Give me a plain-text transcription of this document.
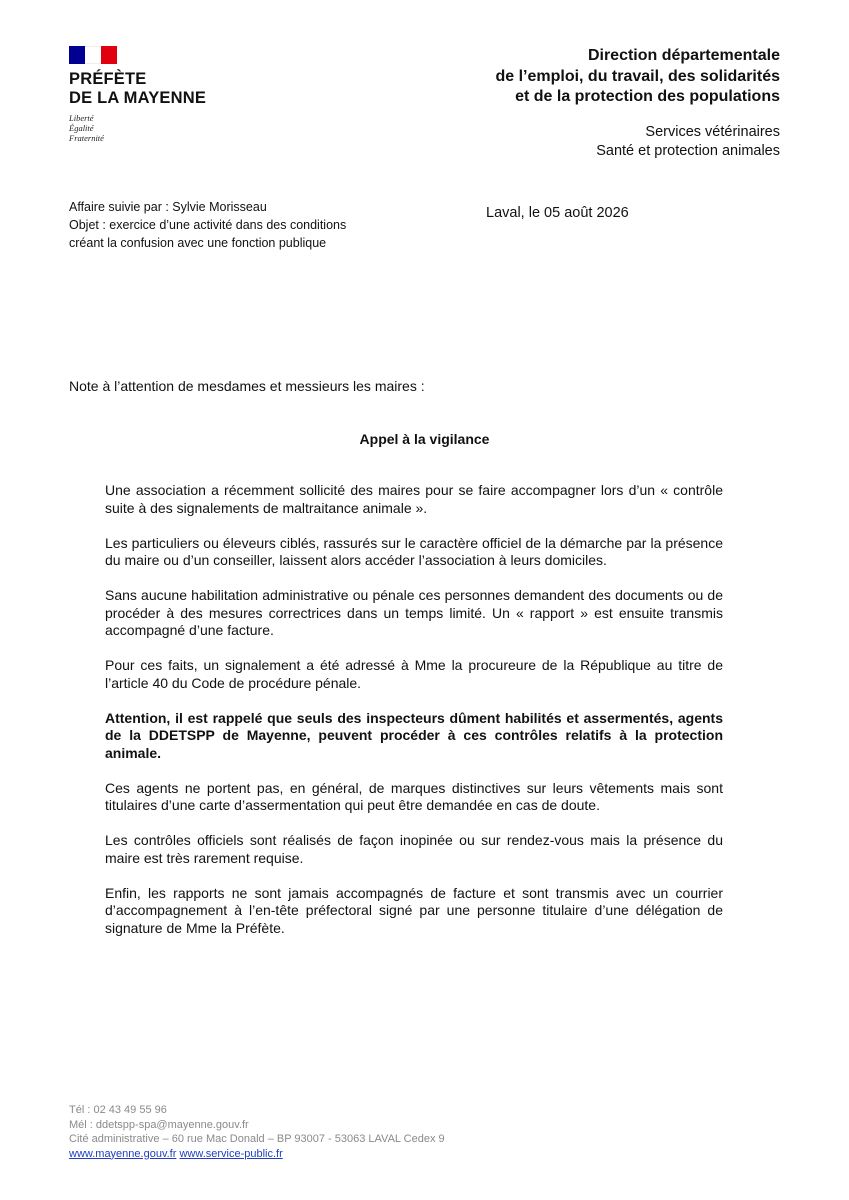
PRÉFÈTE
DE LA MAYENNE
Liberté
Égalité
Fraternité
Direction départementale
de l’emploi, du travail, des solidarités
et de la protection des populations
Services vétérinaires
Santé et protection animales
Affaire suivie par : Sylvie Morisseau
Objet : exercice d’une activité dans des conditions
créant la confusion avec une fonction publique
Laval, le 05 août 2026
Note à l’attention de mesdames et messieurs les maires :
Appel à la vigilance

Une association a récemment sollicité des maires pour se faire accompagner lors d’un « contrôle suite à des signalements de maltraitance animale ».

Les particuliers ou éleveurs ciblés, rassurés sur le caractère officiel de la démarche par la présence du maire ou d’un conseiller, laissent alors accéder l’association à leurs domiciles.

Sans aucune habilitation administrative ou pénale ces personnes demandent des documents ou de procéder à des mesures correctrices dans un temps limité. Un « rapport » est ensuite transmis accompagné d’une facture.

Pour ces faits, un signalement a été adressé à Mme la procureure de la République au titre de l’article 40 du Code de procédure pénale.

Attention, il est rappelé que seuls des inspecteurs dûment habilités et assermentés, agents de la DDETSPP de Mayenne, peuvent procéder à ces contrôles relatifs à la protection animale.

Ces agents ne portent pas, en général, de marques distinctives sur leurs vêtements mais sont titulaires d’une carte d’assermentation qui peut être demandée en cas de doute.

Les contrôles officiels sont réalisés de façon inopinée ou sur rendez-vous mais la présence du maire est très rarement requise.

Enfin, les rapports ne sont jamais accompagnés de facture et sont transmis avec un courrier d’accompagnement à l’en-tête préfectoral signé par une personne titulaire d’une délégation de signature de Mme la Préfète.

Tél : 02 43 49 55 96
Mél : ddetspp-spa@mayenne.gouv.fr
Cité administrative – 60 rue Mac Donald – BP 93007 - 53063 LAVAL Cedex 9
www.mayenne.gouv.fr www.service-public.fr
